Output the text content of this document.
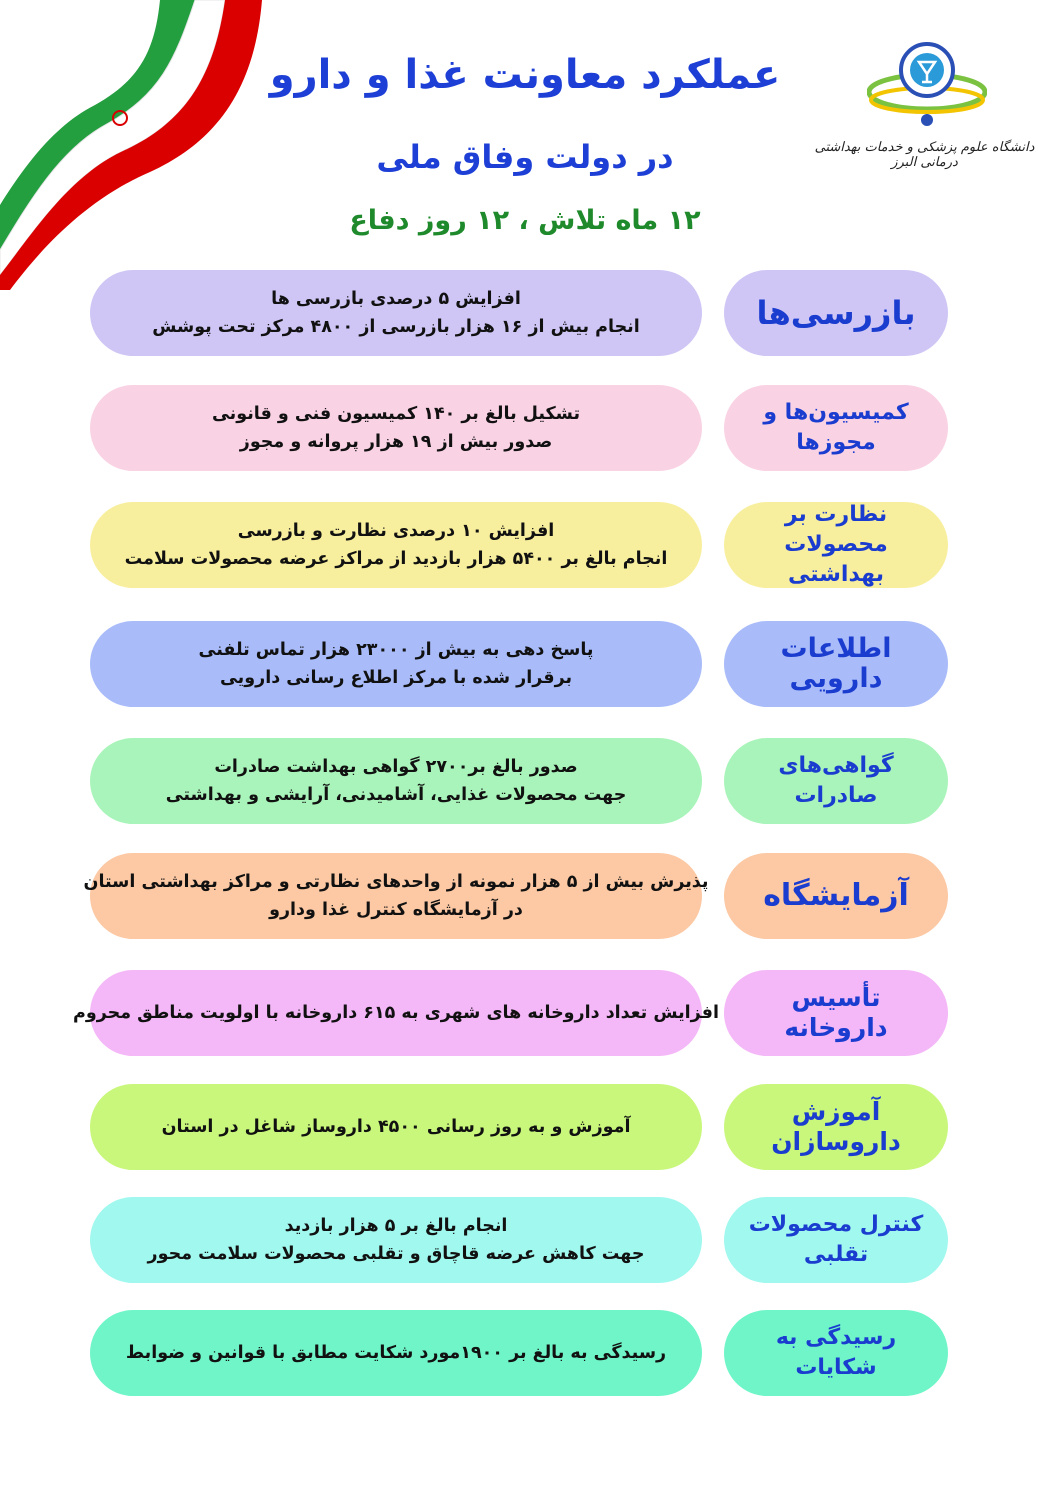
دانشگاه علوم پزشکی و خدمات بهداشتی درمانی البرز
عملکرد معاونت غذا و دارو
در دولت وفاق ملی
۱۲ ماه تلاش ، ۱۲ روز دفاع
افزایش ۵ درصدی بازرسی ها
انجام بیش از ۱۶ هزار بازرسی از ۴۸۰۰ مرکز تحت پوشش	بازرسی‌ها
تشکیل بالغ بر ۱۴۰ کمیسیون فنی و قانونی
صدور بیش از ۱۹ هزار پروانه و مجوز
کمیسیون‌ها و مجوزها
افزایش ۱۰ درصدی نظارت و بازرسی
انجام بالغ بر ۵۴۰۰ هزار بازدید از مراکز عرضه محصولات سلامت
نظارت بر محصولات بهداشتی
پاسخ دهی به بیش از ۲۳۰۰۰ هزار تماس تلفنی
برقرار شده با مرکز اطلاع رسانی دارویی
اطلاعات دارویی
صدور بالغ بر۲۷۰۰ گواهی بهداشت صادرات
جهت محصولات غذایی، آشامیدنی، آرایشی و بهداشتی
گواهی‌های صادرات
پذیرش بیش از ۵ هزار نمونه از واحدهای نظارتی و مراکز بهداشتی استان
در آزمایشگاه کنترل غذا ودارو	آزمایشگاه
افزایش تعداد داروخانه های شهری به ۶۱۵ داروخانه با اولویت مناطق محروم
تأسیس داروخانه
آموزش و به روز رسانی ۴۵۰۰ داروساز شاغل در استان
آموزش داروسازان
انجام بالغ بر ۵ هزار بازدید
جهت کاهش عرضه قاچاق و تقلبی محصولات سلامت محور
کنترل محصولات تقلبی
رسیدگی به بالغ بر ۱۹۰۰مورد شکایت مطابق با قوانین و ضوابط
رسیدگی به شکایات
